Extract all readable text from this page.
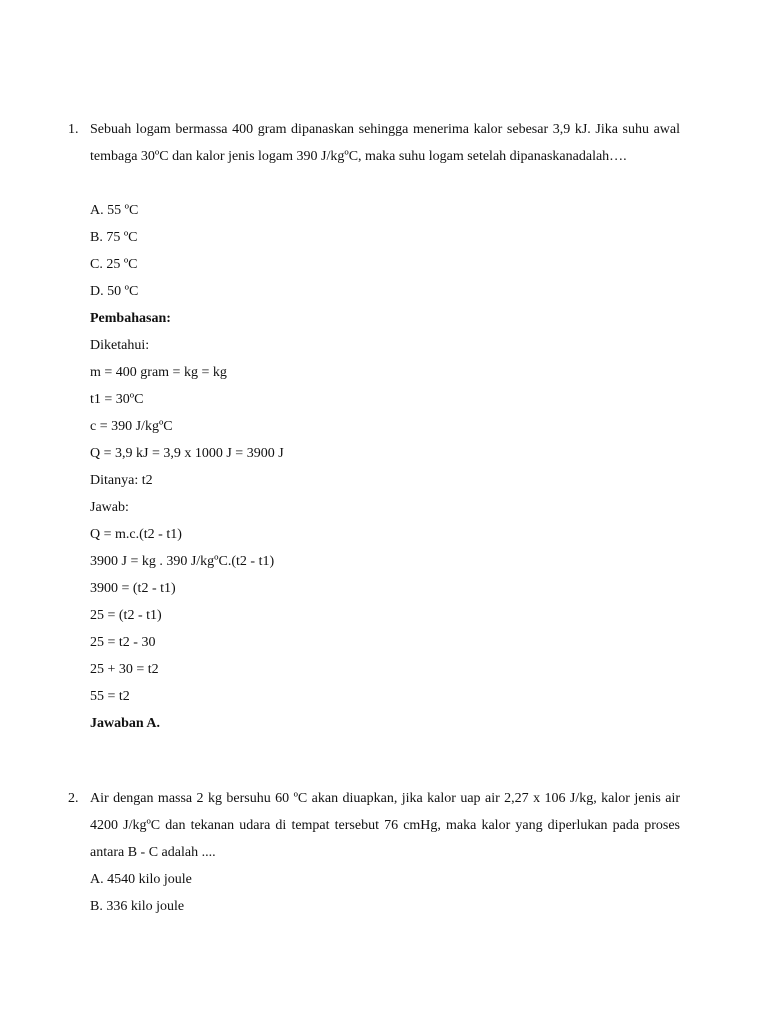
1. Sebuah logam bermassa 400 gram dipanaskan sehingga menerima kalor sebesar 3,9 kJ. Jika suhu awal tembaga 30ºC dan kalor jenis logam 390 J/kgºC, maka suhu logam setelah dipanaskanadalah….

A. 55 ºC
B. 75 ºC
C. 25 ºC
D. 50 ºC
Pembahasan:
Diketahui:
m = 400 gram = kg = kg
t1 = 30ºC
c = 390 J/kgºC
Q = 3,9 kJ = 3,9 x 1000 J = 3900 J
Ditanya: t2
Jawab:
Q = m.c.(t2 - t1)
3900 J = kg . 390 J/kgºC.(t2 - t1)
3900 = (t2 - t1)
25 = (t2 - t1)
25 = t2 - 30
25 + 30 = t2
55 = t2
Jawaban A.
2. Air dengan massa 2 kg bersuhu 60 ºC akan diuapkan, jika kalor uap air 2,27 x 106 J/kg, kalor jenis air 4200 J/kgºC dan tekanan udara di tempat tersebut 76 cmHg, maka kalor yang diperlukan pada proses antara B - C adalah ....

A. 4540 kilo joule
B. 336 kilo joule
